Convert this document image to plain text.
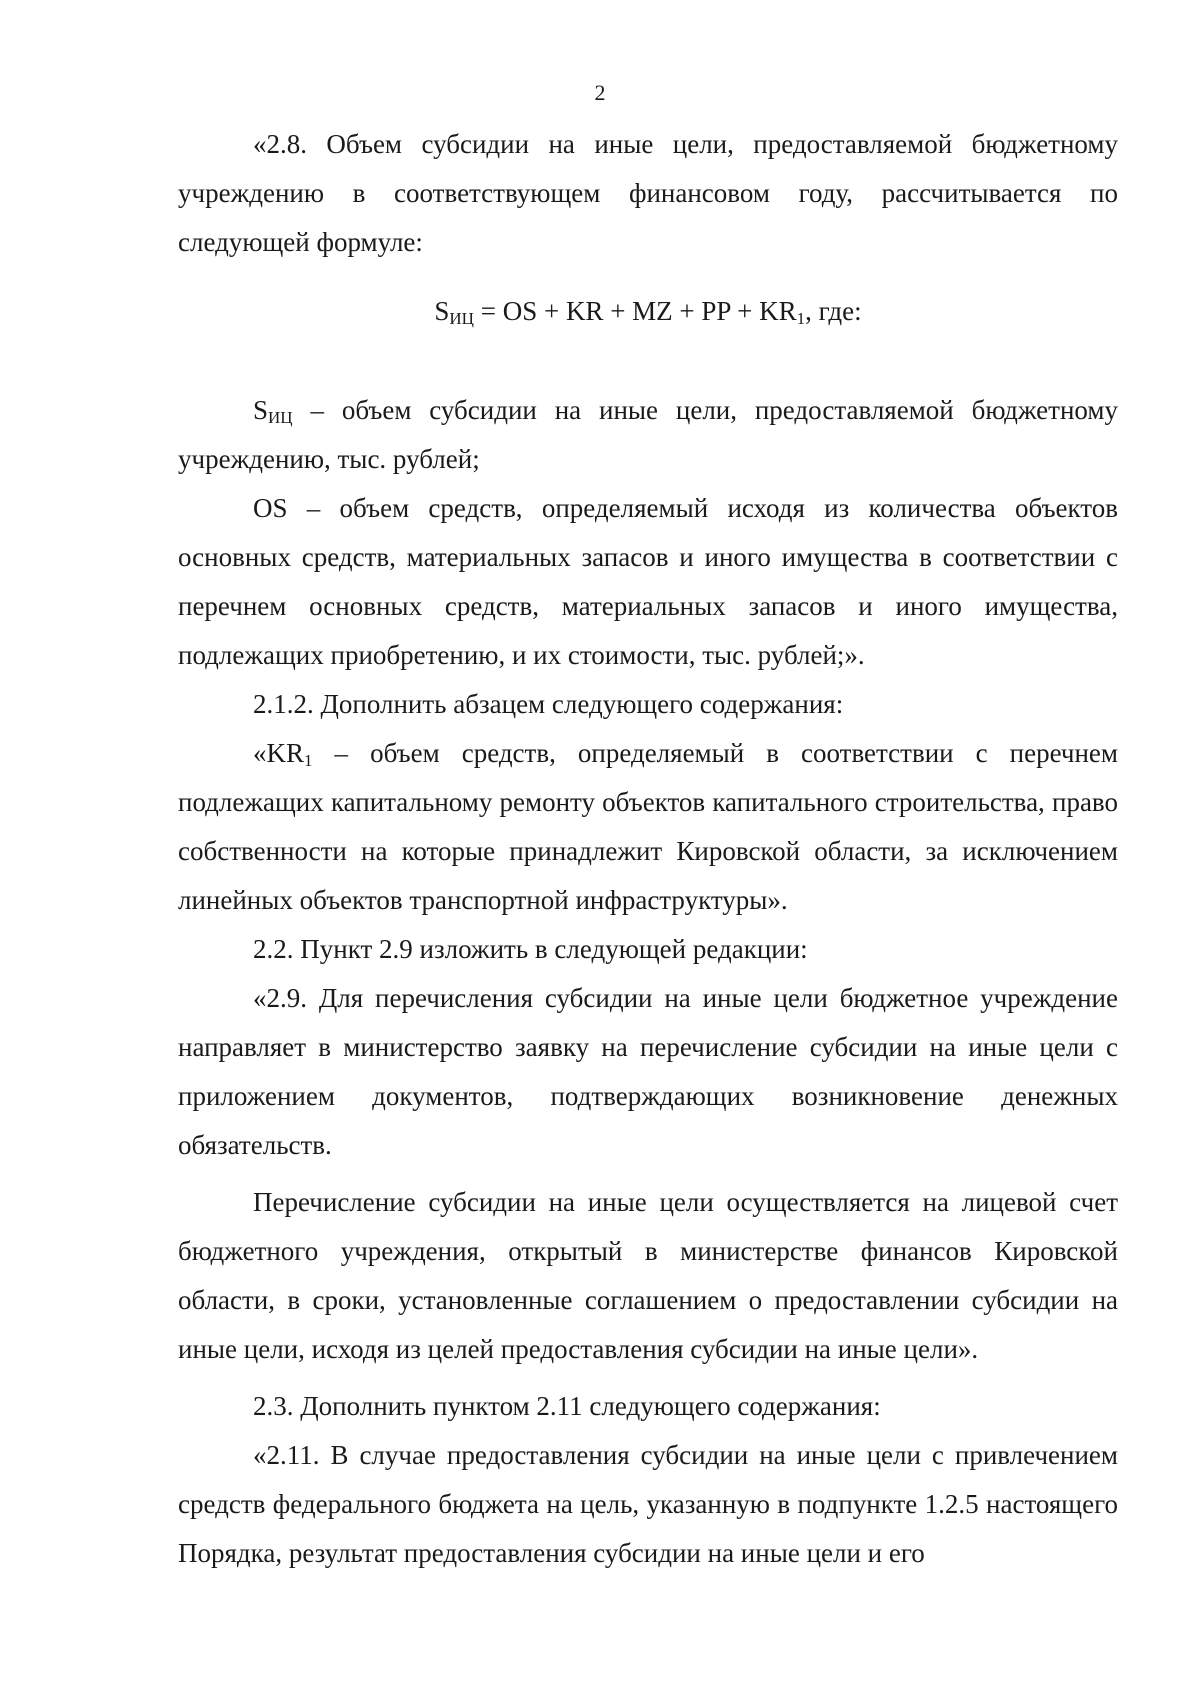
2

«2.8. Объем субсидии на иные цели, предоставляемой бюджетному учреждению в соответствующем финансовом году, рассчитывается по следующей формуле:

$S_{ИЦ}$ = OS + KR + MZ + PP + $KR_1$, где:

$S_{ИЦ}$ – объем субсидии на иные цели, предоставляемой бюджетному учреждению, тыс. рублей;

OS – объем средств, определяемый исходя из количества объектов основных средств, материальных запасов и иного имущества в соответствии с перечнем основных средств, материальных запасов и иного имущества, подлежащих приобретению, и их стоимости, тыс. рублей;».

2.1.2. Дополнить абзацем следующего содержания:

«$KR_1$ – объем средств, определяемый в соответствии с перечнем подлежащих капитальному ремонту объектов капитального строительства, право собственности на которые принадлежит Кировской области, за исключением линейных объектов транспортной инфраструктуры».

2.2. Пункт 2.9 изложить в следующей редакции:

«2.9. Для перечисления субсидии на иные цели бюджетное учреждение направляет в министерство заявку на перечисление субсидии на иные цели с приложением документов, подтверждающих возникновение денежных обязательств.

Перечисление субсидии на иные цели осуществляется на лицевой счет бюджетного учреждения, открытый в министерстве финансов Кировской области, в сроки, установленные соглашением о предоставлении субсидии на иные цели, исходя из целей предоставления субсидии на иные цели».

2.3. Дополнить пунктом 2.11 следующего содержания:

«2.11. В случае предоставления субсидии на иные цели с привлечением средств федерального бюджета на цель, указанную в подпункте 1.2.5 настоящего Порядка, результат предоставления субсидии на иные цели и его
